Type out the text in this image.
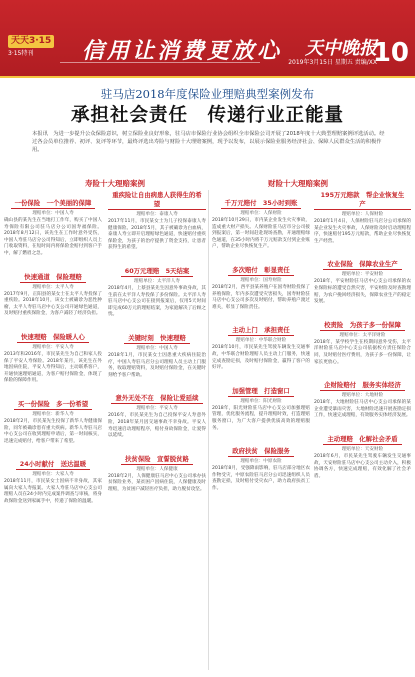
天天3·15
3·15特刊 信用让消费更放心 天中晚报
2019年3月15日 星期五 责编/XX
10
驻马店2018年度保险业理赔典型案例发布
承担社会责任　传递行业正能量
本报讯　为进一步提升公众保险意识，树立保险业良好形象，驻马店市保险行业协会组织全市保险公司开展了2018年度十大典型理赔案例评选活动。经过各会员单位推荐、初评、复评等环节，最终评选出寿险与财险十大理赔案例，现予以发布，以展示保险业服务经济社会、保障人民群众生活的积极作用。
寿险十大理赔案例	财险十大理赔案例
一份保险　一个美丽的保障
理赔单位：中国人寿
确山县的某先生在当地打工作年，购买了中国人寿保险有限公司驻马店分公司国寿福保险。2018年8月12日，该先生在工作时意外受伤，中国人寿驻马店分公司得知后，立即组织人员上门收取资料，在短时间内将保险金赔付到客户手中，解了燃眉之急。
快速通道　保险理赔
理赔单位：太平人寿
2017年9月，正阳县的某女士在太平人寿投保了重疾险。2018年10月，该女士被确诊为恶性肿瘤，太平人寿驻马店中心支公司开通绿色通道，及时赔付重疾保险金，为客户减轻了经济负担。
快速理赔　保险暖人心
理赔单位：平安人寿
2013年和2016年，市民某先生为自己和家人投保了平安人寿保险。2018年某月，该先生在外地因病住院，平安人寿得知后，主动联系客户，开通快速理赔通道，为客户赔付保险金，体现了保险的保障作用。
买一份保险　多一份希望
理赔单位：新华人寿
2018年2月，市民某先生投保了新华人寿健康保险，同年被确诊患有重大疾病。新华人寿驻马店中心支公司在收到理赔申请后，第一时间核实，迅速完成赔付，给客户带来了希望。
24小时献付　送达温暖
理赔单位：大家人寿
2018年11月，市民某女士因病不幸身故，其家属向大家人寿报案。大家人寿驻马店中心支公司理赔人员在24小时内完成案件调查与审核，将身故保险金送到家属手中，传递了保险的温暖。
重疾险让自由病患人获得生的希望
理赔单位：泰康人寿
2017年11月，市民某女士为儿子投保泰康人寿健康保险。2018年5月，其子被确诊为白血病，泰康人寿立即开启理赔绿色通道，快速赔付重疾保险金，为孩子的治疗提供了资金支持，让患者获得生的希望。
60万元理赔　5天结案
理赔单位：太平洋人寿
2018年4月，上蔡县某先生因意外事故身故，其生前在太平洋人寿投保了多份保险。太平洋人寿驻马店中心支公司在接到报案后，仅用5天时间即完成60万元的理赔结案，为家庭解决了后顾之忧。
关键时刻　快速理赔
理赔单位：中国人寿
2018年1月，市民某女士因患重大疾病住院治疗，中国人寿驻马店分公司理赔人员主动上门服务，收取理赔资料，及时赔付保险金，在关键时刻给予客户帮助。
意外无处不在　保险让爱延续
理赔单位：平安人寿
2016年，市民某先生为自己投保平安人寿意外险，2018年某月因交通事故不幸身故。平安人寿迅速启动理赔程序，赔付身故保险金，让爱得以延续。
扶贫保险　宣誓脱贫路
理赔单位：人保健康
2018年2月，人保健康驻马店中心支公司承办扶贫保险业务，某贫困户因病住院，人保健康及时理赔，为贫困户减轻医疗负担，助力脱贫攻坚。
千万元赔付　35小时到账
理赔单位：人保财险
2018年10月29日，市内某企业发生火灾事故，造成重大财产损失。人保财险驻马店市分公司接到报案后，第一时间赶赴现场查勘，开通理赔绿色通道，在35小时内将千万元赔款支付到企业账户，帮助企业尽快恢复生产。
多次赔付　彰显责任
理赔单位：国寿财险
2018年2月，西平县某养殖户在国寿财险投保了养殖保险，年内多次遭受灾害损失，国寿财险驻马店中心支公司多次及时赔付，帮助养殖户渡过难关，彰显了保险责任。
主动上门　承担责任
理赔单位：中华联合财险
2018年10月，市民某先生驾驶车辆发生交通事故，中华联合财险理赔人员主动上门服务，快速完成查勘定损，及时赔付保险金，赢得了客户的好评。
加强管理　打造窗口
理赔单位：阳光财险
2018年，阳光财险驻马店中心支公司加强理赔管理，优化服务流程，提升理赔时效，打造理赔服务窗口，为广大客户提供优质高效的理赔服务。
政府扶贫　保险服务
理赔单位：中原农险
2018年8月，受强降雨影响，驻马店部分地区农作物受灾，中原农险驻马店分公司迅速组织人员查勘定损，及时赔付受灾农户，助力政府扶贫工作。
195万元赔款　帮企业恢复生产
理赔单位：人保财险
2018年1月4日，人保财险驻马店分公司承保的某企业发生火灾事故，人保财险及时启动理赔程序，快速赔付195万元赔款，帮助企业尽快恢复生产经营。
农业保险　保障农业生产
理赔单位：平安财险
2018年，平安财险驻马店中心支公司承保的农业保险标的遭受自然灾害，平安财险及时查勘理赔，为农户挽回经济损失，保障农业生产的稳定发展。
校责险　为孩子多一份保障
理赔单位：太平洋财险
2018年，某学校学生在校期间意外受伤，太平洋财险驻马店中心支公司依据校方责任保险合同，及时赔付医疗费用，为孩子多一份保障，让家长更放心。
企财险赔付　服务实体经济
理赔单位：大地财险
2018年，大地财险驻马店中心支公司承保的某企业遭受暴雨灾害，大地财险迅速开展查勘定损工作，快速完成理赔，有效服务实体经济发展。
主动理赔　化解社会矛盾
理赔单位：天安财险
2018年6月，市民某先生驾驶车辆发生交通事故，天安财险驻马店中心支公司主动介入，积极协调各方，快速完成理赔，有效化解了社会矛盾。
